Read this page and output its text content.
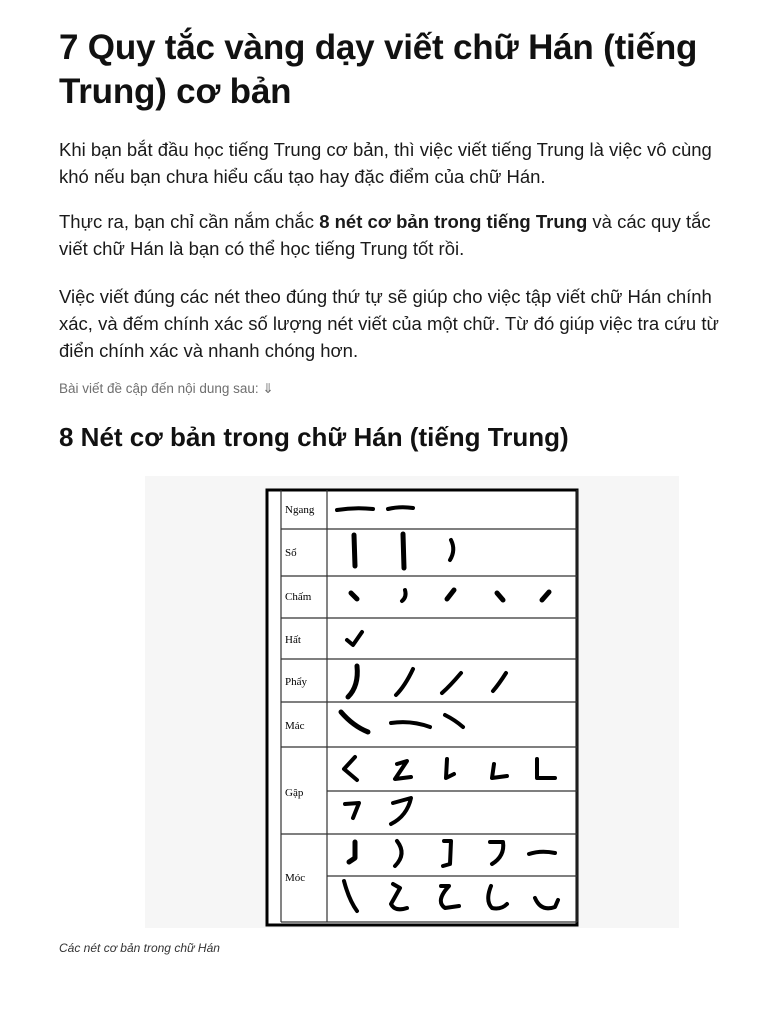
7 Quy tắc vàng dạy viết chữ Hán (tiếng Trung) cơ bản

Khi bạn bắt đầu học tiếng Trung cơ bản, thì việc viết tiếng Trung là việc vô cùng khó nếu bạn chưa hiểu cấu tạo hay đặc điểm của chữ Hán.

Thực ra, bạn chỉ cần nắm chắc 8 nét cơ bản trong tiếng Trung và các quy tắc viết chữ Hán là bạn có thể học tiếng Trung tốt rồi.

Việc viết đúng các nét theo đúng thứ tự sẽ giúp cho việc tập viết chữ Hán chính xác, và đếm chính xác số lượng nét viết của một chữ. Từ đó giúp việc tra cứu từ điển chính xác và nhanh chóng hơn.

Bài viết đề cập đến nội dung sau: ⇓
8 Nét cơ bản trong chữ Hán (tiếng Trung)
Ngang
Sổ
Chấm
Hất
Phẩy
Mác
Gập
Móc
Các nét cơ bản trong chữ Hán
